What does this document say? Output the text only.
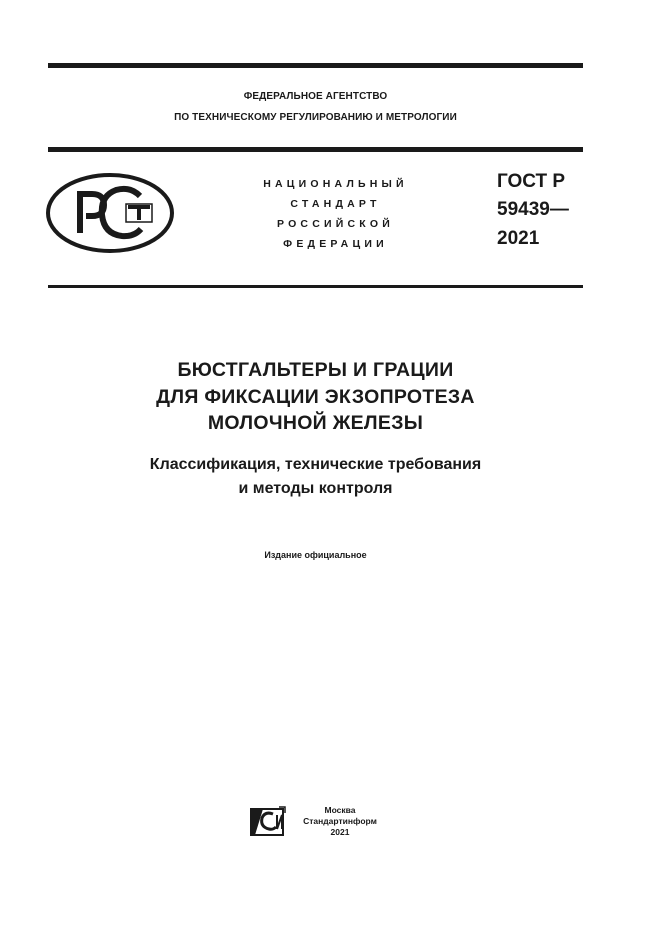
ФЕДЕРАЛЬНОЕ АГЕНТСТВО
ПО ТЕХНИЧЕСКОМУ РЕГУЛИРОВАНИЮ И МЕТРОЛОГИИ
НАЦИОНАЛЬНЫЙ
СТАНДАРТ
РОССИЙСКОЙ
ФЕДЕРАЦИИ
ГОСТ Р
59439—
2021
БЮСТГАЛЬТЕРЫ И ГРАЦИИ
ДЛЯ ФИКСАЦИИ ЭКЗОПРОТЕЗА
МОЛОЧНОЙ ЖЕЛЕЗЫ
Классификация, технические требования
и методы контроля
Издание официальное
Москва
Стандартинформ
2021
